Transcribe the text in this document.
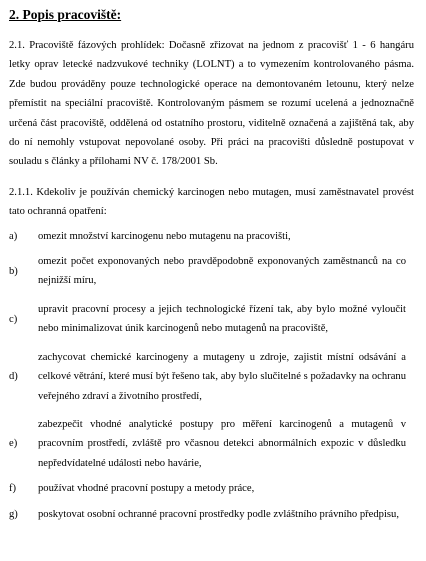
2. Popis pracoviště:

2.1. Pracoviště fázových prohlídek: Dočasně zřizovat na jednom z pracovišť 1 - 6 hangáru letky oprav letecké nadzvukové techniky (LOLNT) a to vymezením kontrolovaného pásma. Zde budou prováděny pouze technologické operace na demontovaném letounu, který nelze přemístit na speciální pracoviště. Kontrolovaným pásmem se rozumí ucelená a jednoznačně určená část pracoviště, oddělená od ostatního prostoru, viditelně označená a zajištěná tak, aby do ní nemohly vstupovat nepovolané osoby. Při práci na pracovišti důsledně postupovat v souladu s články a přílohami NV č. 178/2001 Sb.

2.1.1. Kdekoliv je používán chemický karcinogen nebo mutagen, musí zaměstnavatel provést tato ochranná opatření:

a)	omezit množství karcinogenu nebo mutagenu na pracovišti,
b)
omezit počet exponovaných nebo pravděpodobně exponovaných zaměstnanců na co nejnižší míru,
c)
upravit pracovní procesy a jejich technologické řízení tak, aby bylo možné vyloučit nebo minimalizovat únik karcinogenů nebo mutagenů na pracoviště,
d)
zachycovat chemické karcinogeny a mutageny u zdroje, zajistit místní odsávání a celkové větrání, které musí být řešeno tak, aby bylo slučitelné s požadavky na ochranu veřejného zdraví a životního prostředí,
e)
zabezpečit vhodné analytické postupy pro měření karcinogenů a mutagenů v pracovním prostředí, zvláště pro včasnou detekci abnormálních expozic v důsledku nepředvídatelné události nebo havárie,
f)	používat vhodné pracovní postupy a metody práce,
g)	poskytovat osobní ochranné pracovní prostředky podle zvláštního právního předpisu,
